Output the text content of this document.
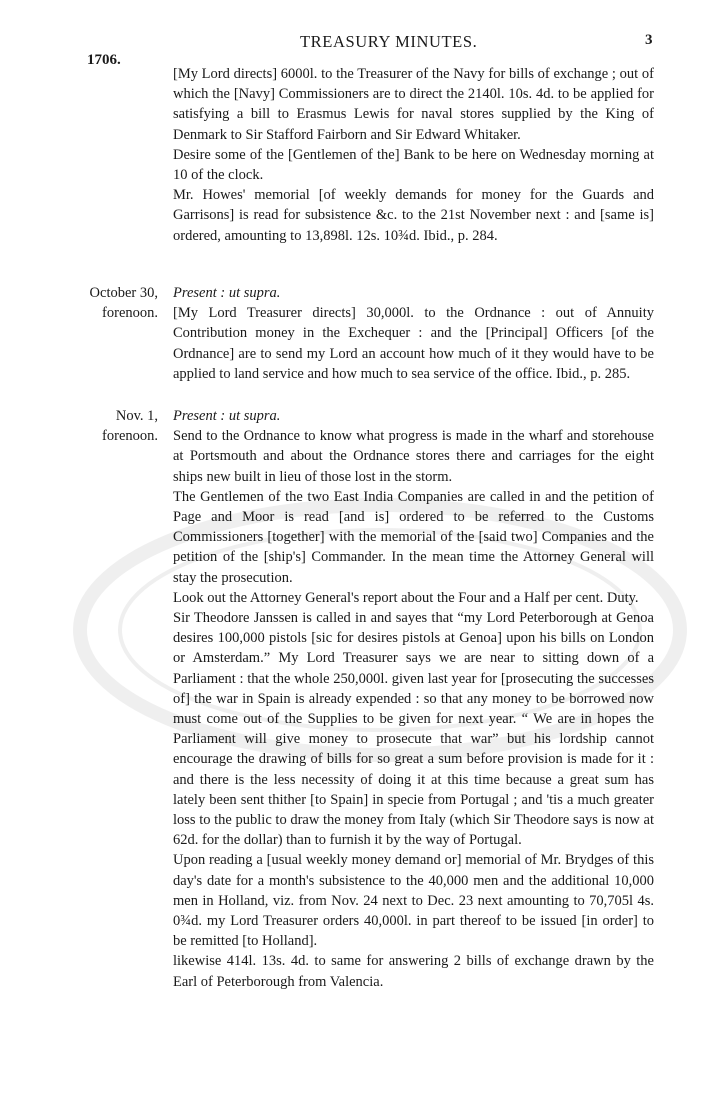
1706.
TREASURY MINUTES.	3

[My Lord directs] 6000l. to the Treasurer of the Navy for bills of exchange ; out of which the [Navy] Commissioners are to direct the 2140l. 10s. 4d. to be applied for satisfying a bill to Erasmus Lewis for naval stores supplied by the King of Denmark to Sir Stafford Fairborn and Sir Edward Whitaker.

Desire some of the [Gentlemen of the] Bank to be here on Wednesday morning at 10 of the clock.

Mr. Howes' memorial [of weekly demands for money for the Guards and Garrisons] is read for subsistence &c. to the 21st November next : and [same is] ordered, amounting to 13,898l. 12s. 10¾d. Ibid., p. 284.

October 30, forenoon.

Present : ut supra.

[My Lord Treasurer directs] 30,000l. to the Ordnance : out of Annuity Contribution money in the Exchequer : and the [Principal] Officers [of the Ordnance] are to send my Lord an account how much of it they would have to be applied to land service and how much to sea service of the office. Ibid., p. 285.

Nov. 1, forenoon.

Present : ut supra.

Send to the Ordnance to know what progress is made in the wharf and storehouse at Portsmouth and about the Ordnance stores there and carriages for the eight ships new built in lieu of those lost in the storm.

The Gentlemen of the two East India Companies are called in and the petition of Page and Moor is read [and is] ordered to be referred to the Customs Commissioners [together] with the memorial of the [said two] Companies and the petition of the [ship's] Commander. In the mean time the Attorney General will stay the prosecution.

Look out the Attorney General's report about the Four and a Half per cent. Duty.

Sir Theodore Janssen is called in and sayes that “my Lord Peterborough at Genoa desires 100,000 pistols [sic for desires pistols at Genoa] upon his bills on London or Amsterdam.” My Lord Treasurer says we are near to sitting down of a Parliament : that the whole 250,000l. given last year for [prosecuting the successes of] the war in Spain is already expended : so that any money to be borrowed now must come out of the Supplies to be given for next year. “ We are in hopes the Parliament will give money to prosecute that war” but his lordship cannot encourage the drawing of bills for so great a sum before provision is made for it : and there is the less necessity of doing it at this time because a great sum has lately been sent thither [to Spain] in specie from Portugal ; and 'tis a much greater loss to the public to draw the money from Italy (which Sir Theodore says is now at 62d. for the dollar) than to furnish it by the way of Portugal.

Upon reading a [usual weekly money demand or] memorial of Mr. Brydges of this day's date for a month's subsistence to the 40,000 men and the additional 10,000 men in Holland, viz. from Nov. 24 next to Dec. 23 next amounting to 70,705l 4s. 0¾d. my Lord Treasurer orders 40,000l. in part thereof to be issued [in order] to be remitted [to Holland].

likewise 414l. 13s. 4d. to same for answering 2 bills of exchange drawn by the Earl of Peterborough from Valencia.
